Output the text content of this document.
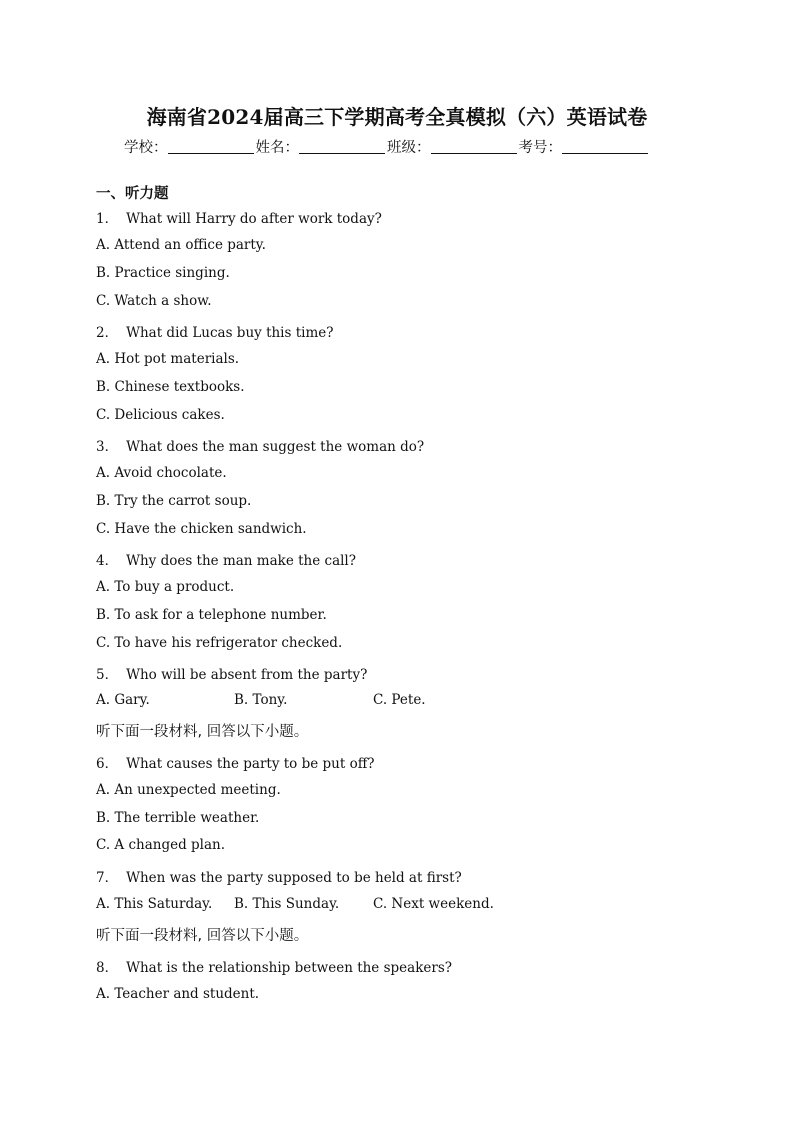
海南省2024届高三下学期高考全真模拟（六）英语试卷
学校：	姓名：	班级：	考号：
一、听力题
1． What will Harry do after work today?
A. Attend an office party.
B. Practice singing.
C. Watch a show.
2． What did Lucas buy this time?
A. Hot pot materials.
B. Chinese textbooks.
C. Delicious cakes.
3． What does the man suggest the woman do?
A. Avoid chocolate.
B. Try the carrot soup.
C. Have the chicken sandwich.
4． Why does the man make the call?
A. To buy a product.
B. To ask for a telephone number.
C. To have his refrigerator checked.
5． Who will be absent from the party?
A. Gary.	B. Tony.	C. Pete.
听下面一段材料, 回答以下小题。
6． What causes the party to be put off?
A. An unexpected meeting.
B. The terrible weather.
C. A changed plan.
7． When was the party supposed to be held at first?
A. This Saturday. B. This Sunday.	C. Next weekend.
听下面一段材料, 回答以下小题。
8． What is the relationship between the speakers?
A. Teacher and student.
